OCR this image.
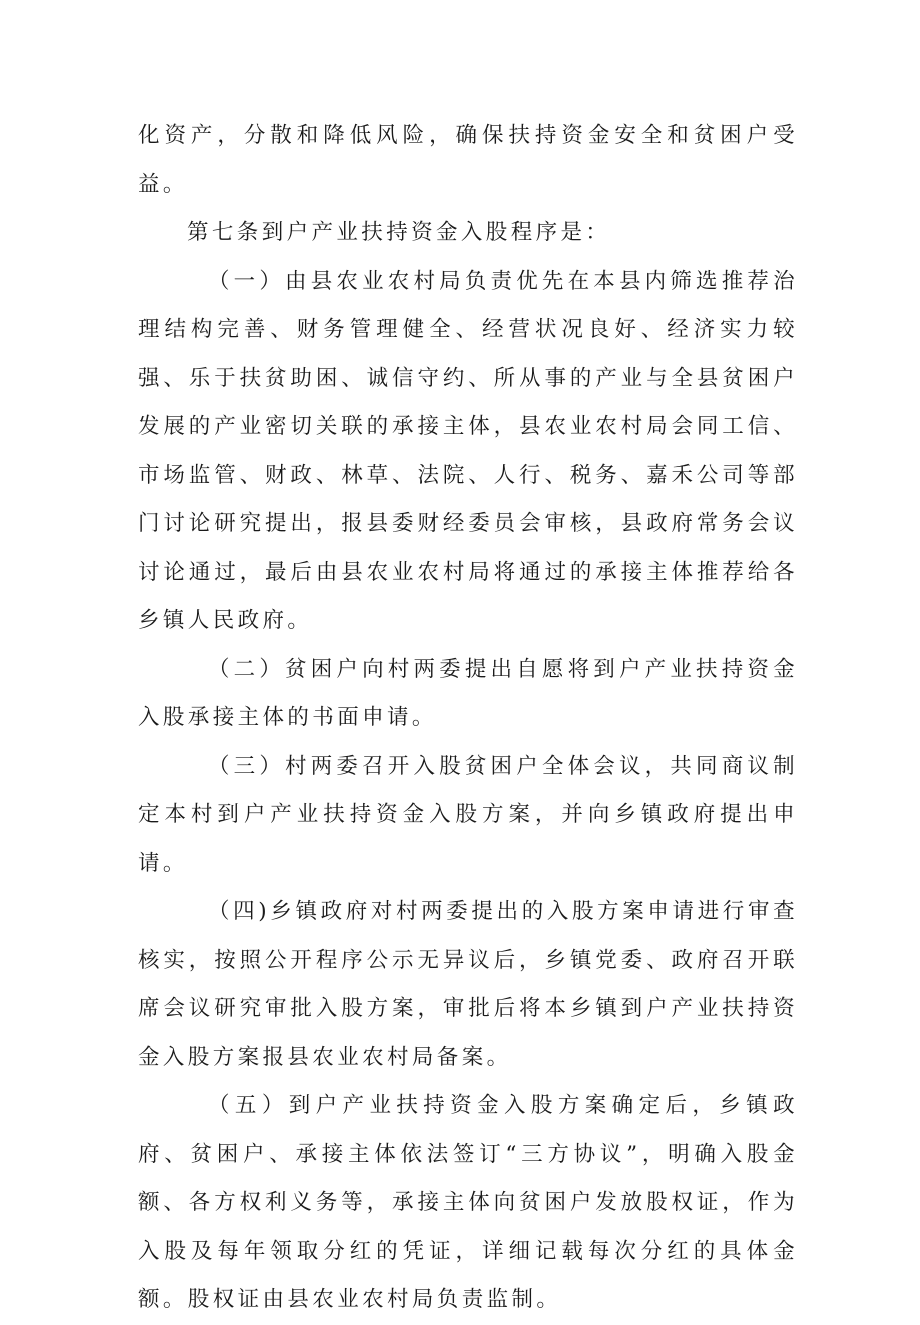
化资产，分散和降低风险，确保扶持资金安全和贫困户受益。

第七条到户产业扶持资金入股程序是：

（一）由县农业农村局负责优先在本县内筛选推荐治理结构完善、财务管理健全、经营状况良好、经济实力较强、乐于扶贫助困、诚信守约、所从事的产业与全县贫困户发展的产业密切关联的承接主体，县农业农村局会同工信、市场监管、财政、林草、法院、人行、税务、嘉禾公司等部门讨论研究提出，报县委财经委员会审核，县政府常务会议讨论通过，最后由县农业农村局将通过的承接主体推荐给各乡镇人民政府。

（二）贫困户向村两委提出自愿将到户产业扶持资金入股承接主体的书面申请。

（三）村两委召开入股贫困户全体会议，共同商议制定本村到户产业扶持资金入股方案，并向乡镇政府提出申请。

（四)乡镇政府对村两委提出的入股方案申请进行审查核实，按照公开程序公示无异议后，乡镇党委、政府召开联席会议研究审批入股方案，审批后将本乡镇到户产业扶持资金入股方案报县农业农村局备案。

（五）到户产业扶持资金入股方案确定后，乡镇政府、贫困户、承接主体依法签订“三方协议”，明确入股金额、各方权利义务等，承接主体向贫困户发放股权证，作为入股及每年领取分红的凭证，详细记载每次分红的具体金额。股权证由县农业农村局负责监制。
